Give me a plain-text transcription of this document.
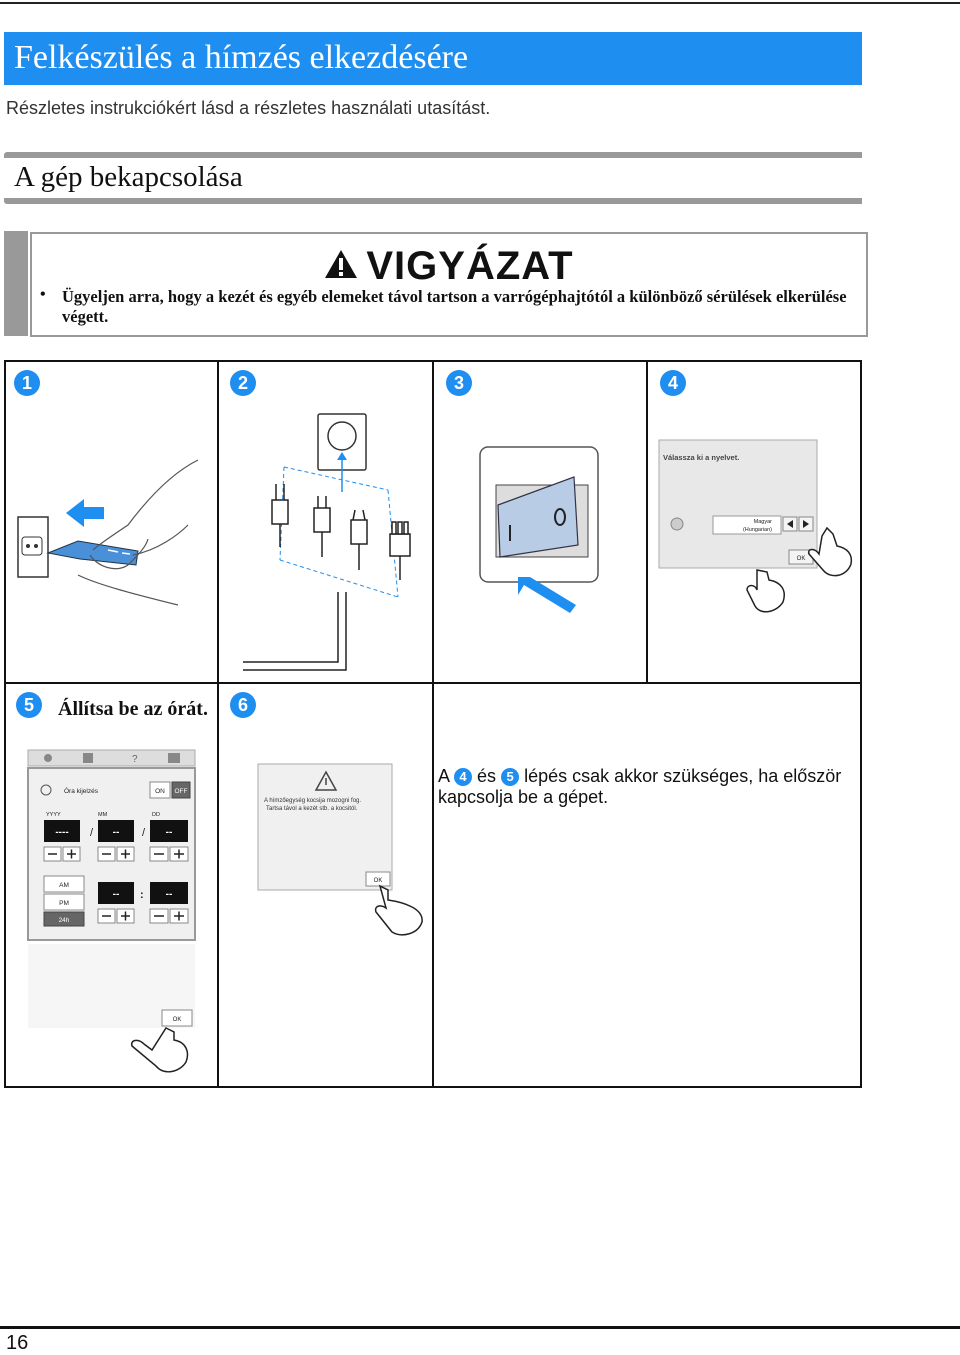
Felkészülés a hímzés elkezdésére
Részletes instrukciókért lásd a részletes használati utasítást.
A gép bekapcsolása
VIGYÁZAT
• Ügyeljen arra, hogy a kezét és egyéb elemeket távol tartson a varrógéphajtótól a különböző sérülések elkerülése végett.
1	2	3	4
5	6
Állítsa be az órát.
Válassza ki a nyelvet.
Magyar
(Hungarian)
OK
?
Óra kijelzés	ON OFF
YYYY	MM	DD
---- / -- / --
AM
PM
24h
-- : --
OK
A hímzőegység kocsija mozogni fog.
Tartsa távol a kezét stb. a kocsitól.
OK
A 4 és 5 lépés csak akkor szükséges, ha először kapcsolja be a gépet.
16
